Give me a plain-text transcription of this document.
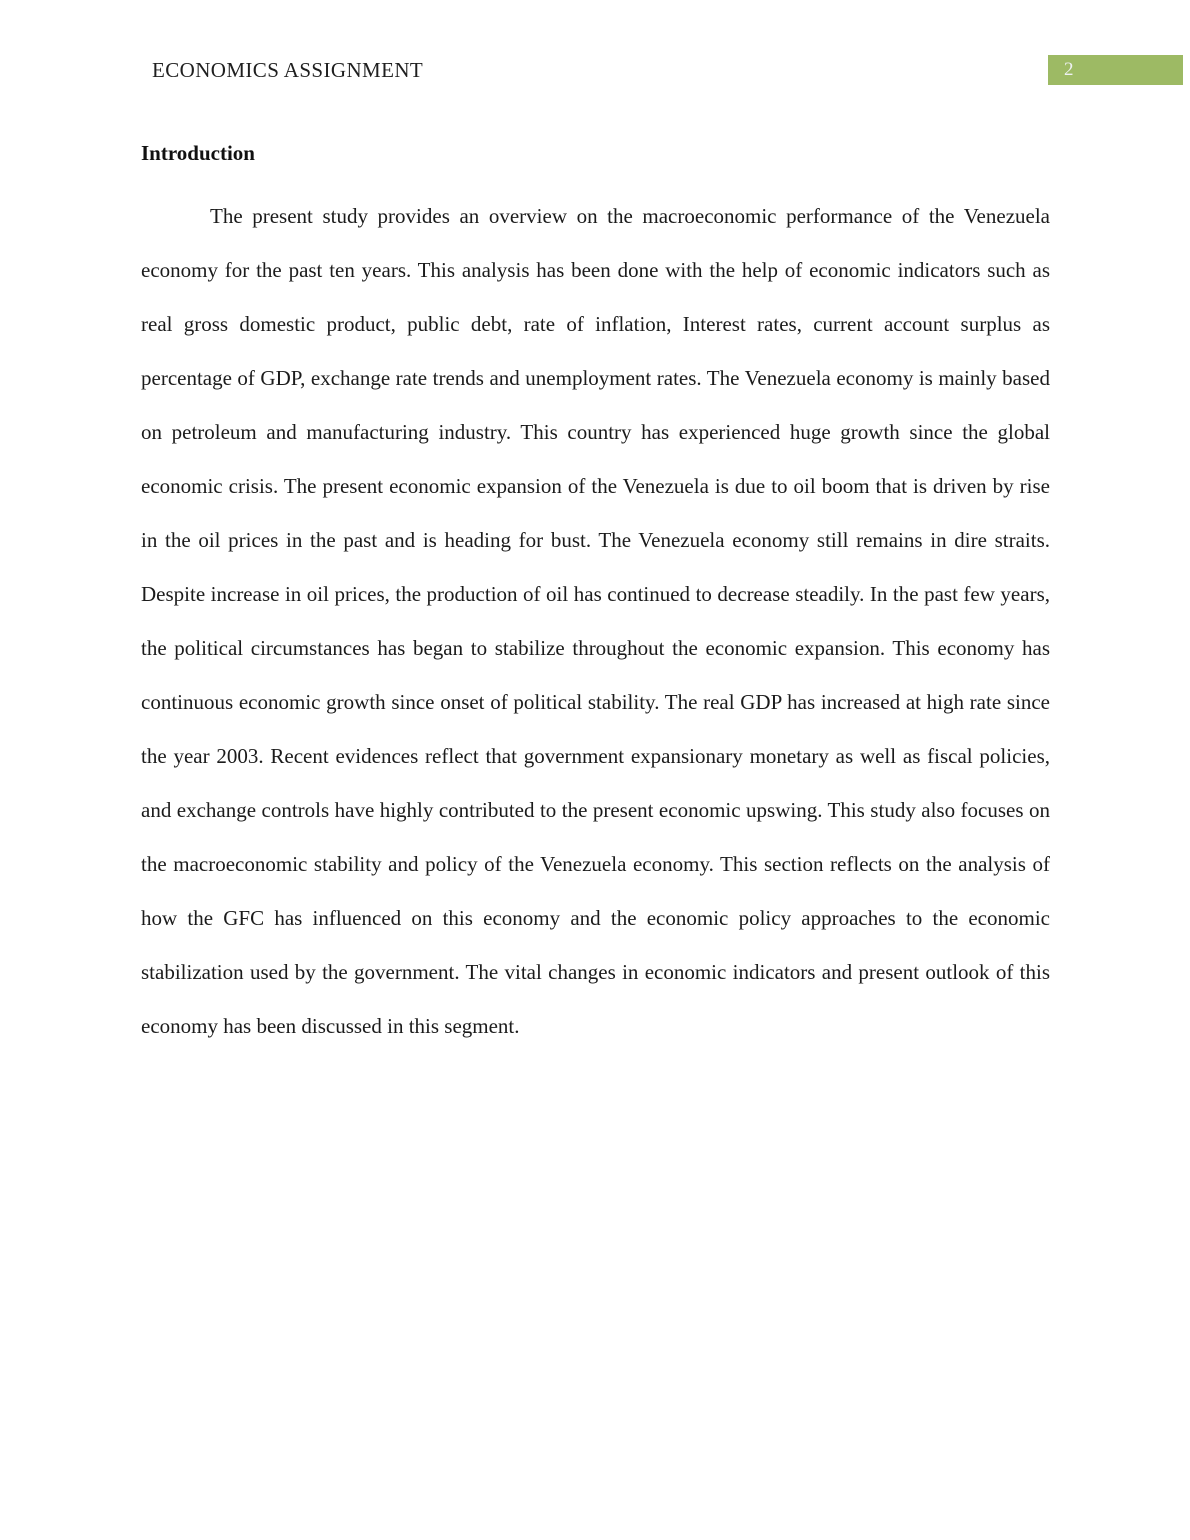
ECONOMICS ASSIGNMENT	2
Introduction

The present study provides an overview on the macroeconomic performance of the Venezuela economy for the past ten years. This analysis has been done with the help of economic indicators such as real gross domestic product, public debt, rate of inflation, Interest rates, current account surplus as percentage of GDP, exchange rate trends and unemployment rates. The Venezuela economy is mainly based on petroleum and manufacturing industry. This country has experienced huge growth since the global economic crisis. The present economic expansion of the Venezuela is due to oil boom that is driven by rise in the oil prices in the past and is heading for bust. The Venezuela economy still remains in dire straits. Despite increase in oil prices, the production of oil has continued to decrease steadily. In the past few years, the political circumstances has began to stabilize throughout the economic expansion. This economy has continuous economic growth since onset of political stability. The real GDP has increased at high rate since the year 2003. Recent evidences reflect that government expansionary monetary as well as fiscal policies, and exchange controls have highly contributed to the present economic upswing. This study also focuses on the macroeconomic stability and policy of the Venezuela economy. This section reflects on the analysis of how the GFC has influenced on this economy and the economic policy approaches to the economic stabilization used by the government. The vital changes in economic indicators and present outlook of this economy has been discussed in this segment.
